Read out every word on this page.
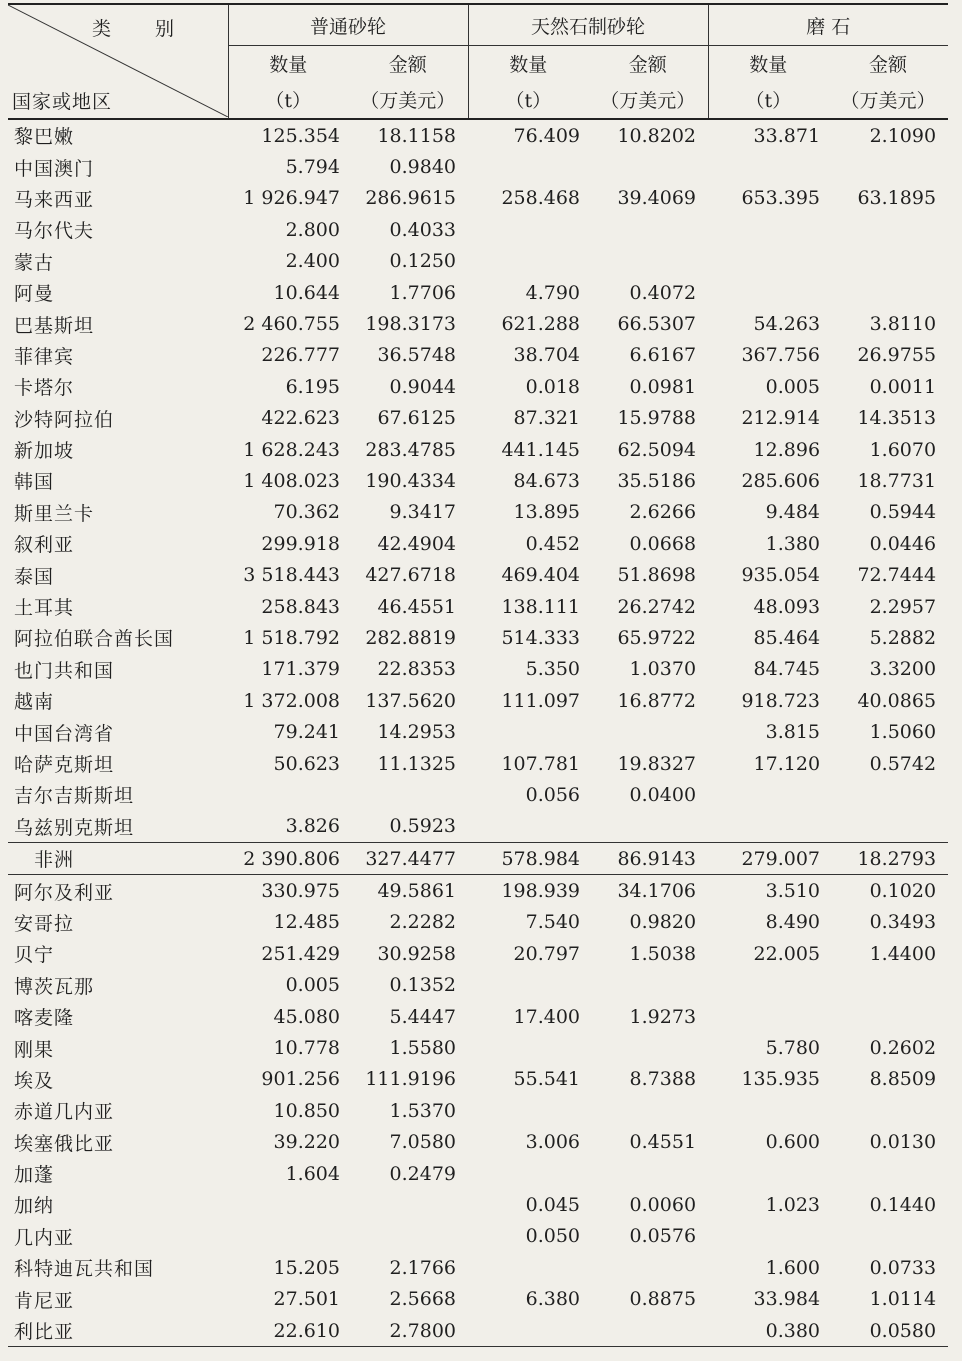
类 别
国家或地区	普通砂轮		天然石制砂轮		磨 石	
	数量	金额	数量	金额	数量	金额
	（t）	（万美元）	（t）	（万美元）	（t）	（万美元）
黎巴嫩	125.354	18.1158	76.409	10.8202	33.871	2.1090
中国澳门	5.794	0.9840				
马来西亚	1 926.947	286.9615	258.468	39.4069	653.395	63.1895
马尔代夫	2.800	0.4033				
蒙古	2.400	0.1250				
阿曼	10.644	1.7706	4.790	0.4072		
巴基斯坦	2 460.755	198.3173	621.288	66.5307	54.263	3.8110
菲律宾	226.777	36.5748	38.704	6.6167	367.756	26.9755
卡塔尔	6.195	0.9044	0.018	0.0981	0.005	0.0011
沙特阿拉伯	422.623	67.6125	87.321	15.9788	212.914	14.3513
新加坡	1 628.243	283.4785	441.145	62.5094	12.896	1.6070
韩国	1 408.023	190.4334	84.673	35.5186	285.606	18.7731
斯里兰卡	70.362	9.3417	13.895	2.6266	9.484	0.5944
叙利亚	299.918	42.4904	0.452	0.0668	1.380	0.0446
泰国	3 518.443	427.6718	469.404	51.8698	935.054	72.7444
土耳其	258.843	46.4551	138.111	26.2742	48.093	2.2957
阿拉伯联合酋长国	1 518.792	282.8819	514.333	65.9722	85.464	5.2882
也门共和国	171.379	22.8353	5.350	1.0370	84.745	3.3200
越南	1 372.008	137.5620	111.097	16.8772	918.723	40.0865
中国台湾省	79.241	14.2953			3.815	1.5060
哈萨克斯坦	50.623	11.1325	107.781	19.8327	17.120	0.5742
吉尔吉斯斯坦			0.056	0.0400		
乌兹别克斯坦	3.826	0.5923				
非洲	2 390.806	327.4477	578.984	86.9143	279.007	18.2793
阿尔及利亚	330.975	49.5861	198.939	34.1706	3.510	0.1020
安哥拉	12.485	2.2282	7.540	0.9820	8.490	0.3493
贝宁	251.429	30.9258	20.797	1.5038	22.005	1.4400
博茨瓦那	0.005	0.1352				
喀麦隆	45.080	5.4447	17.400	1.9273		
刚果	10.778	1.5580			5.780	0.2602
埃及	901.256	111.9196	55.541	8.7388	135.935	8.8509
赤道几内亚	10.850	1.5370				
埃塞俄比亚	39.220	7.0580	3.006	0.4551	0.600	0.0130
加蓬	1.604	0.2479				
加纳			0.045	0.0060	1.023	0.1440
几内亚			0.050	0.0576		
科特迪瓦共和国	15.205	2.1766			1.600	0.0733
肯尼亚	27.501	2.5668	6.380	0.8875	33.984	1.0114
利比亚	22.610	2.7800			0.380	0.0580
